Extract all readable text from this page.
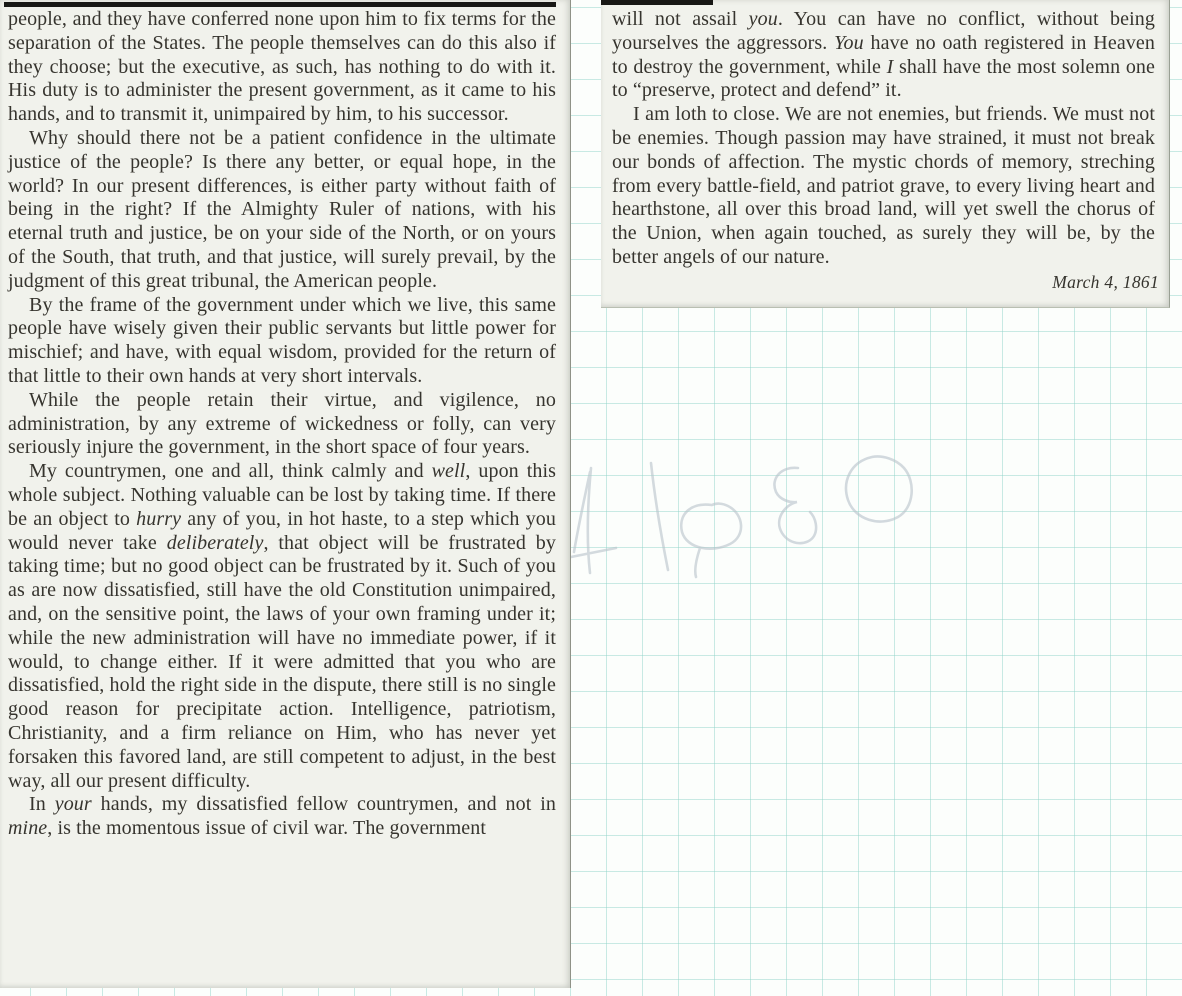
people, and they have conferred none upon him to fix terms for the separation of the States. The people themselves can do this also if they choose; but the executive, as such, has nothing to do with it. His duty is to administer the present government, as it came to his hands, and to transmit it, unimpaired by him, to his successor.

Why should there not be a patient confidence in the ultimate justice of the people? Is there any better, or equal hope, in the world? In our present differences, is either party without faith of being in the right? If the Almighty Ruler of nations, with his eternal truth and justice, be on your side of the North, or on yours of the South, that truth, and that justice, will surely prevail, by the judgment of this great tribunal, the American people.

By the frame of the government under which we live, this same people have wisely given their public servants but little power for mischief; and have, with equal wisdom, provided for the return of that little to their own hands at very short intervals.

While the people retain their virtue, and vigilence, no administration, by any extreme of wickedness or folly, can very seriously injure the government, in the short space of four years.

My countrymen, one and all, think calmly and well, upon this whole subject. Nothing valuable can be lost by taking time. If there be an object to hurry any of you, in hot haste, to a step which you would never take deliberately, that object will be frustrated by taking time; but no good object can be frustrated by it. Such of you as are now dissatisfied, still have the old Constitution unimpaired, and, on the sensitive point, the laws of your own framing under it; while the new administration will have no immediate power, if it would, to change either. If it were admitted that you who are dissatisfied, hold the right side in the dispute, there still is no single good reason for precipitate action. Intelligence, patriotism, Christianity, and a firm reliance on Him, who has never yet forsaken this favored land, are still competent to adjust, in the best way, all our present difficulty.

In your hands, my dissatisfied fellow countrymen, and not in mine, is the momentous issue of civil war. The government

will not assail you. You can have no conflict, without being yourselves the aggressors. You have no oath registered in Heaven to destroy the government, while I shall have the most solemn one to “preserve, protect and defend” it.

I am loth to close. We are not enemies, but friends. We must not be enemies. Though passion may have strained, it must not break our bonds of affection. The mystic chords of memory, streching from every battle-field, and patriot grave, to every living heart and hearthstone, all over this broad land, will yet swell the chorus of the Union, when again touched, as surely they will be, by the better angels of our nature.

March 4, 1861
